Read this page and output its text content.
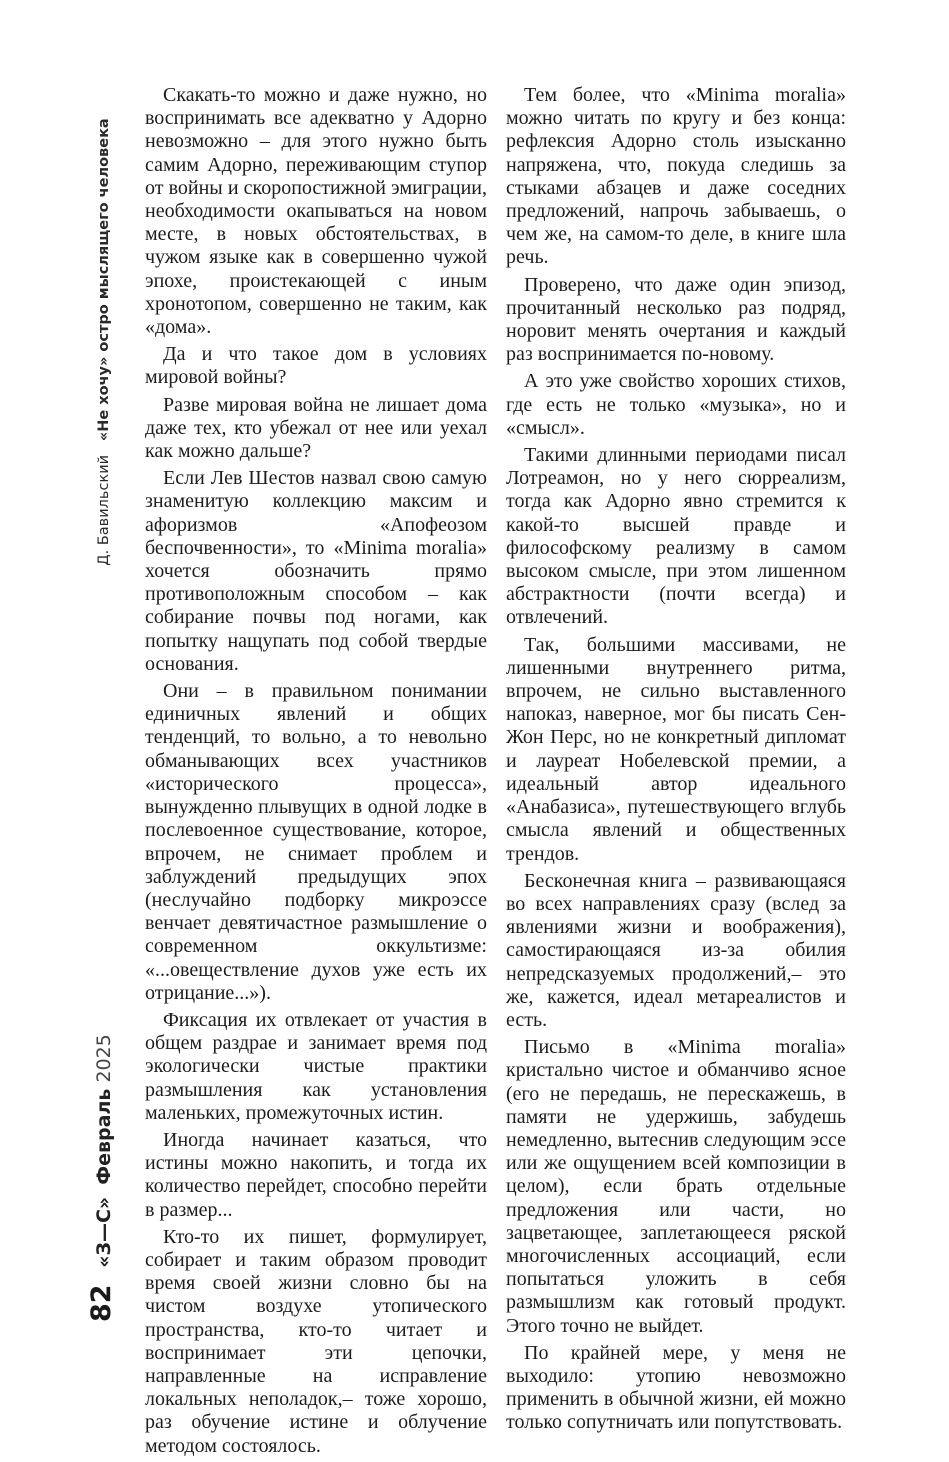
Д. Бавильский   «Не хочу» остро мыслящего человека
«З—С»  Февраль 2025
82

Скакать-то можно и даже нужно, но воспринимать все адекватно у Адорно невозможно – для этого нужно быть самим Адорно, переживающим ступор от войны и скоропостижной эмиграции, необходимости окапываться на новом месте, в новых обстоятельствах, в чужом языке как в совершенно чужой эпохе, проистекающей с иным хронотопом, совершенно не таким, как «дома».

Да и что такое дом в условиях мировой войны?

Разве мировая война не лишает дома даже тех, кто убежал от нее или уехал как можно дальше?

Если Лев Шестов назвал свою самую знаменитую коллекцию максим и афоризмов «Апофеозом беспочвенности», то «Minima moralia» хочется обозначить прямо противоположным способом – как собирание почвы под ногами, как попытку нащупать под собой твердые основания.

Они – в правильном понимании единичных явлений и общих тенденций, то вольно, а то невольно обманывающих всех участников «исторического процесса», вынужденно плывущих в одной лодке в послевоенное существование, которое, впрочем, не снимает проблем и заблуждений предыдущих эпох (неслучайно подборку микроэссе венчает девятичастное размышление о современном оккультизме: «...овеществление духов уже есть их отрицание...»).

Фиксация их отвлекает от участия в общем раздрае и занимает время под экологически чистые практики размышления как установления маленьких, промежуточных истин.

Иногда начинает казаться, что истины можно накопить, и тогда их количество перейдет, способно перейти в размер...

Кто-то их пишет, формулирует, собирает и таким образом проводит время своей жизни словно бы на чистом воздухе утопического пространства, кто-то читает и воспринимает эти цепочки, направленные на исправление локальных неполадок,– тоже хорошо, раз обучение истине и облучение методом состоялось.

Тем более, что «Minima moralia» можно читать по кругу и без конца: рефлексия Адорно столь изысканно напряжена, что, покуда следишь за стыками абзацев и даже соседних предложений, напрочь забываешь, о чем же, на самом-то деле, в книге шла речь.

Проверено, что даже один эпизод, прочитанный несколько раз подряд, норовит менять очертания и каждый раз воспринимается по-новому.

А это уже свойство хороших стихов, где есть не только «музыка», но и «смысл».

Такими длинными периодами писал Лотреамон, но у него сюрреализм, тогда как Адорно явно стремится к какой-то высшей правде и философскому реализму в самом высоком смысле, при этом лишенном абстрактности (почти всегда) и отвлечений.

Так, большими массивами, не лишенными внутреннего ритма, впрочем, не сильно выставленного напоказ, наверное, мог бы писать Сен-Жон Перс, но не конкретный дипломат и лауреат Нобелевской премии, а идеальный автор идеального «Анабазиса», путешествующего вглубь смысла явлений и общественных трендов.

Бесконечная книга – развивающаяся во всех направлениях сразу (вслед за явлениями жизни и воображения), самостирающаяся из-за обилия непредсказуемых продолжений,– это же, кажется, идеал метареалистов и есть.

Письмо в «Minima moralia» кристально чистое и обманчиво ясное (его не передашь, не перескажешь, в памяти не удержишь, забудешь немедленно, вытеснив следующим эссе или же ощущением всей композиции в целом), если брать отдельные предложения или части, но зацветающее, заплетающееся ряской многочисленных ассоциаций, если попытаться уложить в себя размышлизм как готовый продукт. Этого точно не выйдет.

По крайней мере, у меня не выходило: утопию невозможно применить в обычной жизни, ей можно только сопутничать или попутствовать.
